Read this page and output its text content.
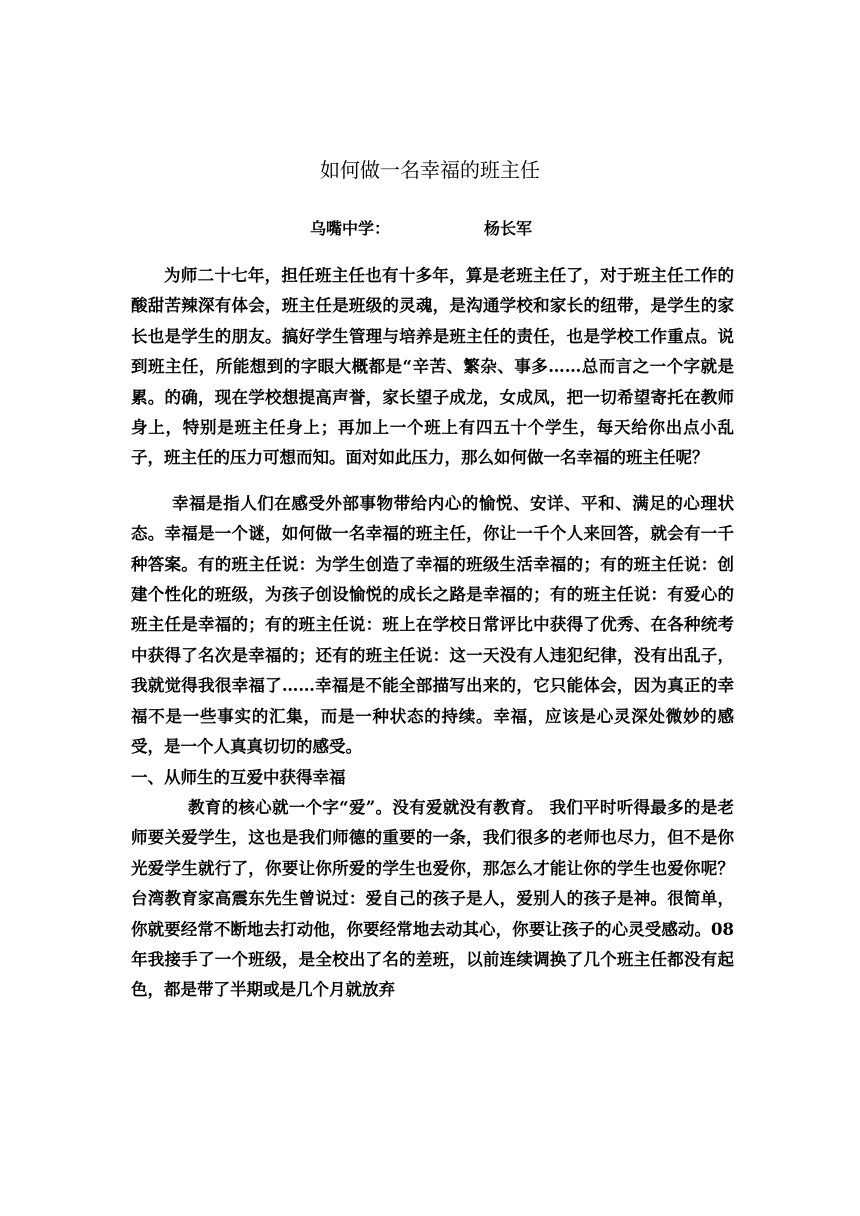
如何做一名幸福的班主任
乌嘴中学：	杨长军

为师二十七年，担任班主任也有十多年，算是老班主任了，对于班主任工作的酸甜苦辣深有体会，班主任是班级的灵魂，是沟通学校和家长的纽带，是学生的家长也是学生的朋友。搞好学生管理与培养是班主任的责任，也是学校工作重点。说到班主任，所能想到的字眼大概都是“辛苦、繁杂、事多……总而言之一个字就是累。的确，现在学校想提高声誉，家长望子成龙，女成凤，把一切希望寄托在教师身上，特别是班主任身上；再加上一个班上有四五十个学生，每天给你出点小乱子，班主任的压力可想而知。面对如此压力，那么如何做一名幸福的班主任呢？

幸福是指人们在感受外部事物带给内心的愉悦、安详、平和、满足的心理状态。幸福是一个谜，如何做一名幸福的班主任，你让一千个人来回答，就会有一千种答案。有的班主任说：为学生创造了幸福的班级生活幸福的；有的班主任说：创建个性化的班级，为孩子创设愉悦的成长之路是幸福的；有的班主任说：有爱心的班主任是幸福的；有的班主任说：班上在学校日常评比中获得了优秀、在各种统考中获得了名次是幸福的；还有的班主任说：这一天没有人违犯纪律，没有出乱子，我就觉得我很幸福了……幸福是不能全部描写出来的，它只能体会，因为真正的幸福不是一些事实的汇集，而是一种状态的持续。幸福，应该是心灵深处微妙的感受，是一个人真真切切的感受。

一、从师生的互爱中获得幸福

教育的核心就一个字“爱”。没有爱就没有教育。 我们平时听得最多的是老师要关爱学生，这也是我们师德的重要的一条，我们很多的老师也尽力，但不是你光爱学生就行了，你要让你所爱的学生也爱你，那怎么才能让你的学生也爱你呢？台湾教育家高震东先生曾说过：爱自己的孩子是人，爱别人的孩子是神。很简单，你就要经常不断地去打动他，你要经常地去动其心，你要让孩子的心灵受感动。08年我接手了一个班级，是全校出了名的差班，以前连续调换了几个班主任都没有起色，都是带了半期或是几个月就放弃
